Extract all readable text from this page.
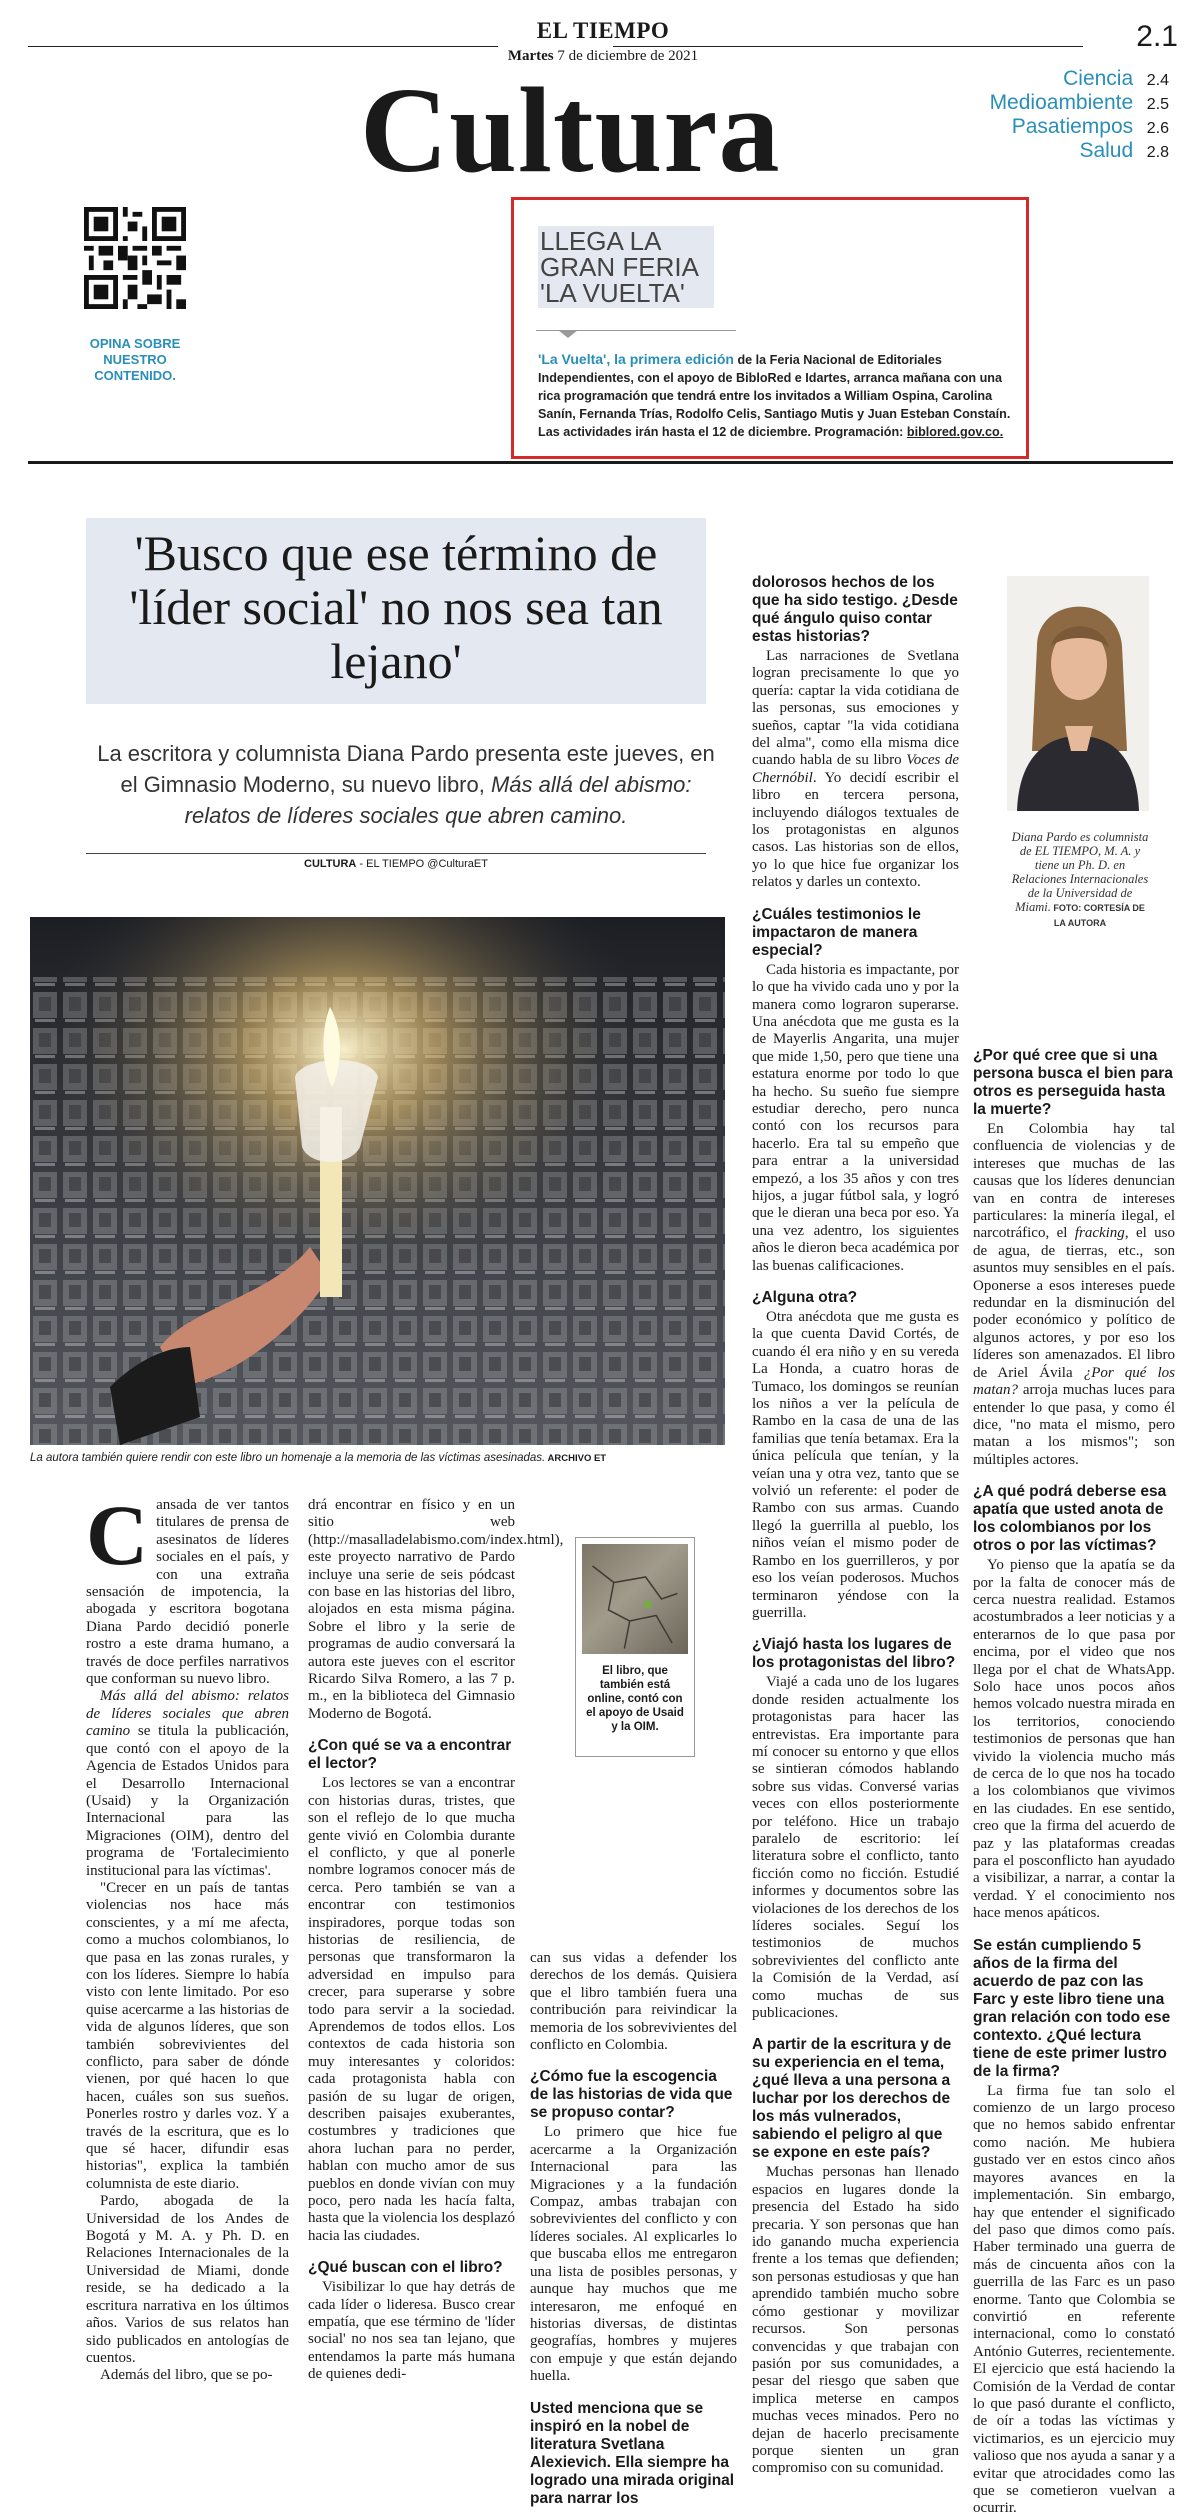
EL TIEMPO
Martes 7 de diciembre de 2021
2.1
Cultura	Ciencia 2.4
Medioambiente 2.5
Pasatiempos 2.6
Salud 2.8
OPINA SOBRE NUESTRO CONTENIDO.
LLEGA LA GRAN FERIA 'LA VUELTA'
'La Vuelta', la primera edición de la Feria Nacional de Editoriales Independientes, con el apoyo de BibloRed e Idartes, arranca mañana con una rica programación que tendrá entre los invitados a William Ospina, Carolina Sanín, Fernanda Trías, Rodolfo Celis, Santiago Mutis y Juan Esteban Constaín. Las actividades irán hasta el 12 de diciembre. Programación: biblored.gov.co.
'Busco que ese término de 'líder social' no nos sea tan lejano'
La escritora y columnista Diana Pardo presenta este jueves, en el Gimnasio Moderno, su nuevo libro, Más allá del abismo: relatos de líderes sociales que abren camino.
CULTURA - EL TIEMPO @CulturaET
La autora también quiere rendir con este libro un homenaje a la memoria de las víctimas asesinadas. ARCHIVO ET

Cansada de ver tantos titulares de prensa de asesinatos de líderes sociales en el país, y con una extraña sensación de impotencia, la abogada y escritora bogotana Diana Pardo decidió ponerle rostro a este drama humano, a través de doce perfiles narrativos que conforman su nuevo libro.

Más allá del abismo: relatos de líderes sociales que abren camino se titula la publicación, que contó con el apoyo de la Agencia de Estados Unidos para el Desarrollo Internacional (Usaid) y la Organización Internacional para las Migraciones (OIM), dentro del programa de 'Fortalecimiento institucional para las víctimas'.

"Crecer en un país de tantas violencias nos hace más conscientes, y a mí me afecta, como a muchos colombianos, lo que pasa en las zonas rurales, y con los líderes. Siempre lo había visto con lente limitado. Por eso quise acercarme a las historias de vida de algunos líderes, que son también sobrevivientes del conflicto, para saber de dónde vienen, por qué hacen lo que hacen, cuáles son sus sueños. Ponerles rostro y darles voz. Y a través de la escritura, que es lo que sé hacer, difundir esas historias", explica la también columnista de este diario.

Pardo, abogada de la Universidad de los Andes de Bogotá y M. A. y Ph. D. en Relaciones Internacionales de la Universidad de Miami, donde reside, se ha dedicado a la escritura narrativa en los últimos años. Varios de sus relatos han sido publicados en antologías de cuentos.

Además del libro, que se po-

drá encontrar en físico y en un sitio web (http://masalladelabismo.com/index.html), este proyecto narrativo de Pardo incluye una serie de seis pódcast con base en las historias del libro, alojados en esta misma página. Sobre el libro y la serie de programas de audio conversará la autora este jueves con el escritor Ricardo Silva Romero, a las 7 p. m., en la biblioteca del Gimnasio Moderno de Bogotá.

¿Con qué se va a encontrar el lector?

Los lectores se van a encontrar con historias duras, tristes, que son el reflejo de lo que mucha gente vivió en Colombia durante el conflicto, y que al ponerle nombre logramos conocer más de cerca. Pero también se van a encontrar con testimonios inspiradores, porque todas son historias de resiliencia, de personas que transformaron la adversidad en impulso para crecer, para superarse y sobre todo para servir a la sociedad. Aprendemos de todos ellos. Los contextos de cada historia son muy interesantes y coloridos: cada protagonista habla con pasión de su lugar de origen, describen paisajes exuberantes, costumbres y tradiciones que ahora luchan para no perder, hablan con mucho amor de sus pueblos en donde vivían con muy poco, pero nada les hacía falta, hasta que la violencia los desplazó hacia las ciudades.

¿Qué buscan con el libro?

Visibilizar lo que hay detrás de cada líder o lideresa. Busco crear empatía, que ese término de 'líder social' no nos sea tan lejano, que entendamos la parte más humana de quienes dedi-

El libro, que también está online, contó con el apoyo de Usaid y la OIM.

can sus vidas a defender los derechos de los demás. Quisiera que el libro también fuera una contribución para reivindicar la memoria de los sobrevivientes del conflicto en Colombia.

¿Cómo fue la escogencia de las historias de vida que se propuso contar?

Lo primero que hice fue acercarme a la Organización Internacional para las Migraciones y a la fundación Compaz, ambas trabajan con sobrevivientes del conflicto y con líderes sociales. Al explicarles lo que buscaba ellos me entregaron una lista de posibles personas, y aunque hay muchos que me interesaron, me enfoqué en historias diversas, de distintas geografías, hombres y mujeres con empuje y que están dejando huella.

Usted menciona que se inspiró en la nobel de literatura Svetlana Alexievich. Ella siempre ha logrado una mirada original para narrar los
dolorosos hechos de los que ha sido testigo. ¿Desde qué ángulo quiso contar estas historias?

Las narraciones de Svetlana logran precisamente lo que yo quería: captar la vida cotidiana de las personas, sus emociones y sueños, captar "la vida cotidiana del alma", como ella misma dice cuando habla de su libro Voces de Chernóbil. Yo decidí escribir el libro en tercera persona, incluyendo diálogos textuales de los protagonistas en algunos casos. Las historias son de ellos, yo lo que hice fue organizar los relatos y darles un contexto.

¿Cuáles testimonios le impactaron de manera especial?

Cada historia es impactante, por lo que ha vivido cada uno y por la manera como lograron superarse. Una anécdota que me gusta es la de Mayerlis Angarita, una mujer que mide 1,50, pero que tiene una estatura enorme por todo lo que ha hecho. Su sueño fue siempre estudiar derecho, pero nunca contó con los recursos para hacerlo. Era tal su empeño que para entrar a la universidad empezó, a los 35 años y con tres hijos, a jugar fútbol sala, y logró que le dieran una beca por eso. Ya una vez adentro, los siguientes años le dieron beca académica por las buenas calificaciones.

¿Alguna otra?

Otra anécdota que me gusta es la que cuenta David Cortés, de cuando él era niño y en su vereda La Honda, a cuatro horas de Tumaco, los domingos se reunían los niños a ver la película de Rambo en la casa de una de las familias que tenía betamax. Era la única película que tenían, y la veían una y otra vez, tanto que se volvió un referente: el poder de Rambo con sus armas. Cuando llegó la guerrilla al pueblo, los niños veían el mismo poder de Rambo en los guerrilleros, y por eso los veían poderosos. Muchos terminaron yéndose con la guerrilla.

¿Viajó hasta los lugares de los protagonistas del libro?

Viajé a cada uno de los lugares donde residen actualmente los protagonistas para hacer las entrevistas. Era importante para mí conocer su entorno y que ellos se sintieran cómodos hablando sobre sus vidas. Conversé varias veces con ellos posteriormente por teléfono. Hice un trabajo paralelo de escritorio: leí literatura sobre el conflicto, tanto ficción como no ficción. Estudié informes y documentos sobre las violaciones de los derechos de los líderes sociales. Seguí los testimonios de muchos sobrevivientes del conflicto ante la Comisión de la Verdad, así como muchas de sus publicaciones.

A partir de la escritura y de su experiencia en el tema, ¿qué lleva a una persona a luchar por los derechos de los más vulnerados, sabiendo el peligro al que se expone en este país?

Muchas personas han llenado espacios en lugares donde la presencia del Estado ha sido precaria. Y son personas que han ido ganando mucha experiencia frente a los temas que defienden; son personas estudiosas y que han aprendido también mucho sobre cómo gestionar y movilizar recursos. Son personas convencidas y que trabajan con pasión por sus comunidades, a pesar del riesgo que saben que implica meterse en campos muchas veces minados. Pero no dejan de hacerlo precisamente porque sienten un gran compromiso con su comunidad.

Diana Pardo es columnista de EL TIEMPO, M. A. y tiene un Ph. D. en Relaciones Internacionales de la Universidad de Miami. FOTO: CORTESÍA DE LA AUTORA
¿Por qué cree que si una persona busca el bien para otros es perseguida hasta la muerte?

En Colombia hay tal confluencia de violencias y de intereses que muchas de las causas que los líderes denuncian van en contra de intereses particulares: la minería ilegal, el narcotráfico, el fracking, el uso de agua, de tierras, etc., son asuntos muy sensibles en el país. Oponerse a esos intereses puede redundar en la disminución del poder económico y político de algunos actores, y por eso los líderes son amenazados. El libro de Ariel Ávila ¿Por qué los matan? arroja muchas luces para entender lo que pasa, y como él dice, "no mata el mismo, pero matan a los mismos"; son múltiples actores.

¿A qué podrá deberse esa apatía que usted anota de los colombianos por los otros o por las víctimas?

Yo pienso que la apatía se da por la falta de conocer más de cerca nuestra realidad. Estamos acostumbrados a leer noticias y a enterarnos de lo que pasa por encima, por el video que nos llega por el chat de WhatsApp. Solo hace unos pocos años hemos volcado nuestra mirada en los territorios, conociendo testimonios de personas que han vivido la violencia mucho más de cerca de lo que nos ha tocado a los colombianos que vivimos en las ciudades. En ese sentido, creo que la firma del acuerdo de paz y las plataformas creadas para el posconflicto han ayudado a visibilizar, a narrar, a contar la verdad. Y el conocimiento nos hace menos apáticos.

Se están cumpliendo 5 años de la firma del acuerdo de paz con las Farc y este libro tiene una gran relación con todo ese contexto. ¿Qué lectura tiene de este primer lustro de la firma?

La firma fue tan solo el comienzo de un largo proceso que no hemos sabido enfrentar como nación. Me hubiera gustado ver en estos cinco años mayores avances en la implementación. Sin embargo, hay que entender el significado del paso que dimos como país. Haber terminado una guerra de más de cincuenta años con la guerrilla de las Farc es un paso enorme. Tanto que Colombia se convirtió en referente internacional, como lo constató António Guterres, recientemente. El ejercicio que está haciendo la Comisión de la Verdad de contar lo que pasó durante el conflicto, de oír a todas las víctimas y victimarios, es un ejercicio muy valioso que nos ayuda a sanar y a evitar que atrocidades como las que se cometieron vuelvan a ocurrir.
